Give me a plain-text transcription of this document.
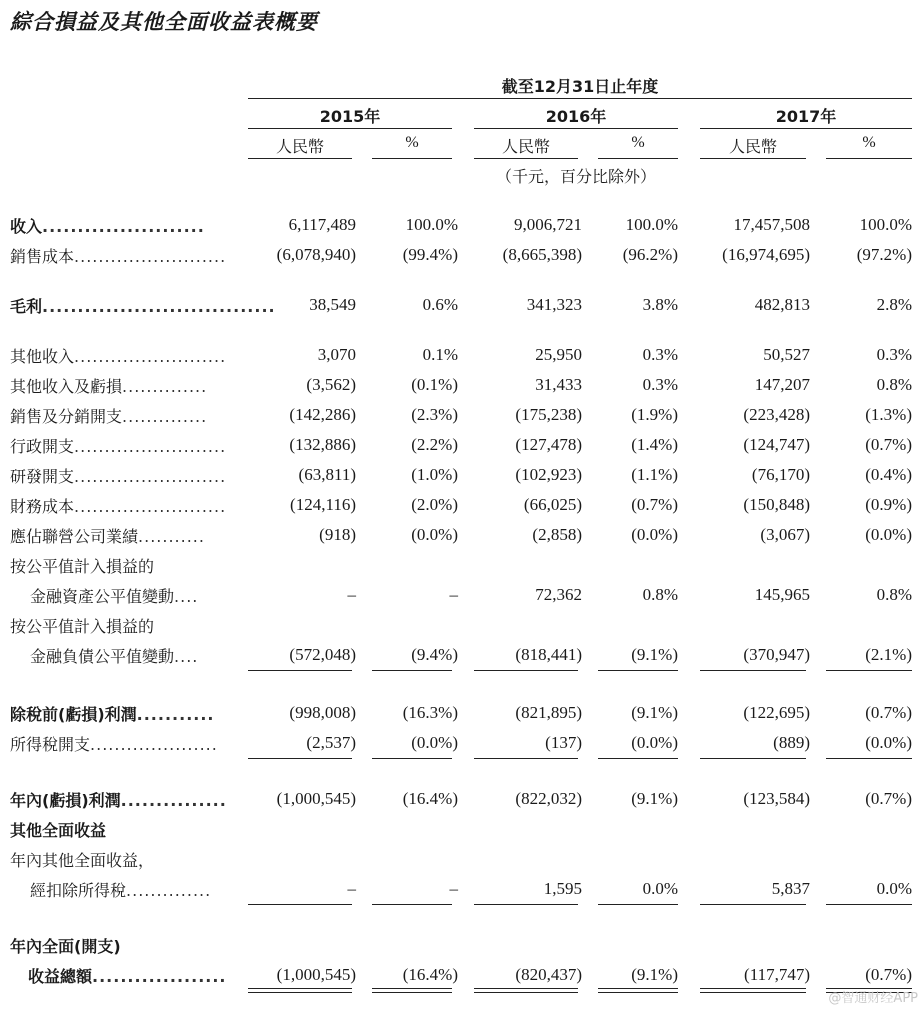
綜合損益及其他全面收益表概要
截至12月31日止年度
2015年	2016年	2017年
人民幣	%	人民幣	%	人民幣	%
（千元，百分比除外）
收入.......................	6,117,489	100.0%	9,006,721	100.0%	17,457,508	100.0%
銷售成本.........................	(6,078,940)	(99.4%)	(8,665,398) (96.2%)	(16,974,695)	(97.2%)
毛利................................. 38,549	0.6%	341,323	3.8%	482,813	2.8%
其他收入.........................	3,070	0.1%	25,950	0.3%	50,527	0.3%
其他收入及虧損..............	(3,562)	(0.1%)	31,433	0.3%	147,207	0.8%
銷售及分銷開支..............	(142,286)	(2.3%)	(175,238)	(1.9%)	(223,428)	(1.3%)
行政開支.........................	(132,886)	(2.2%)	(127,478)	(1.4%)	(124,747)	(0.7%)
研發開支.........................	(63,811)	(1.0%)	(102,923)	(1.1%)	(76,170)	(0.4%)
財務成本.........................	(124,116)	(2.0%)	(66,025)	(0.7%)	(150,848)	(0.9%)
應佔聯營公司業績...........	(918)	(0.0%)	(2,858)	(0.0%)	(3,067)	(0.0%)
按公平值計入損益的
金融資產公平值變動....	–	–	72,362	0.8%	145,965	0.8%
按公平值計入損益的
金融負債公平值變動....	(572,048)	(9.4%)	(818,441)	(9.1%)	(370,947)	(2.1%)
除稅前(虧損)利潤...........	(998,008)	(16.3%)	(821,895)	(9.1%)	(122,695)	(0.7%)
所得稅開支.....................	(2,537)	(0.0%)	(137)	(0.0%)	(889)	(0.0%)
年內(虧損)利潤...............	(1,000,545)	(16.4%)	(822,032)	(9.1%)	(123,584)	(0.7%)
其他全面收益
年內其他全面收益，
經扣除所得稅..............	–	–	1,595	0.0%	5,837	0.0%
年內全面(開支)
收益總額...................	(1,000,545)	(16.4%)	(820,437)	(9.1%)	(117,747)	(0.7%)
@智通财经APP
